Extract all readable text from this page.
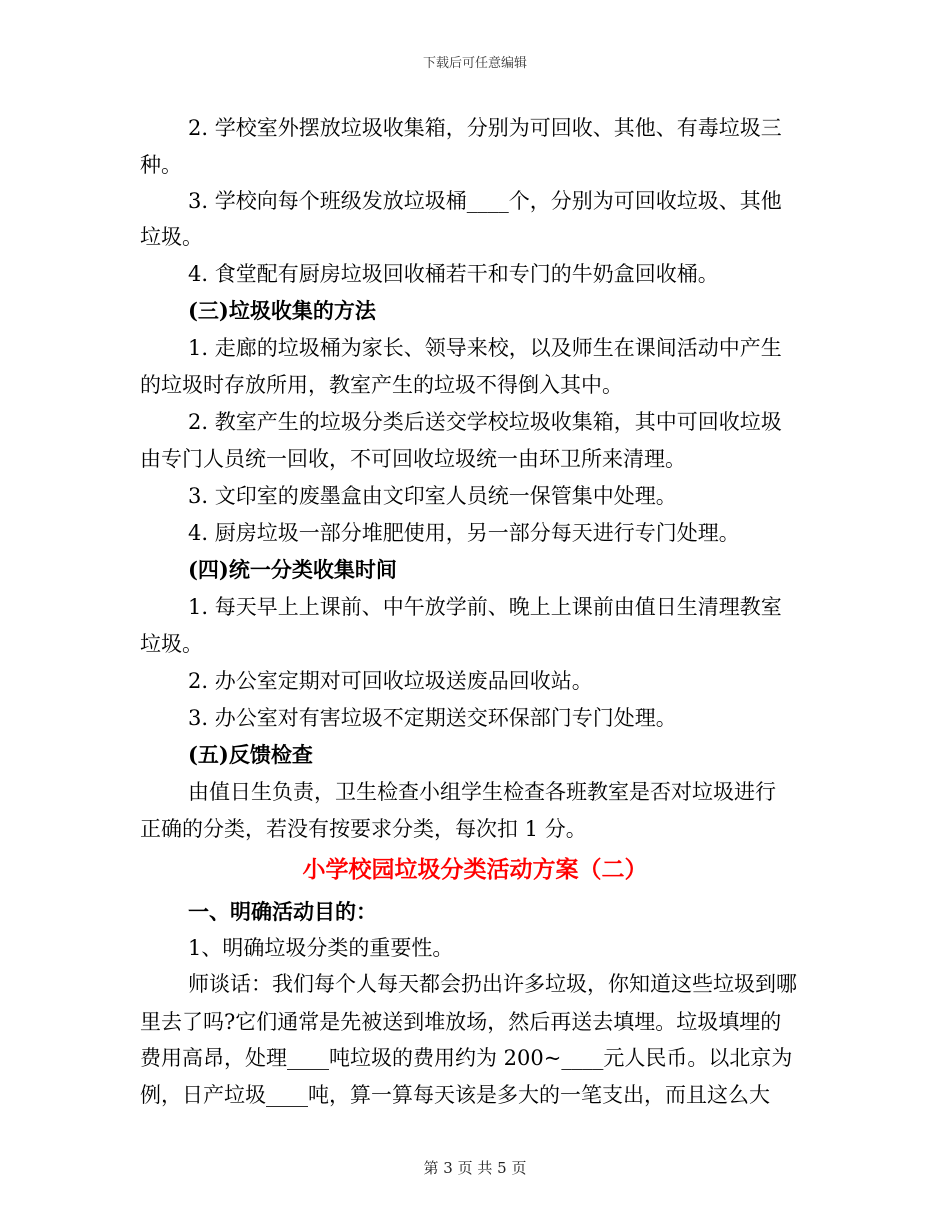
下载后可任意编辑
2. 学校室外摆放垃圾收集箱，分别为可回收、其他、有毒垃圾三
种。
3. 学校向每个班级发放垃圾桶____个，分别为可回收垃圾、其他
垃圾。
4. 食堂配有厨房垃圾回收桶若干和专门的牛奶盒回收桶。
(三)垃圾收集的方法
1. 走廊的垃圾桶为家长、领导来校，以及师生在课间活动中产生
的垃圾时存放所用，教室产生的垃圾不得倒入其中。
2. 教室产生的垃圾分类后送交学校垃圾收集箱，其中可回收垃圾
由专门人员统一回收，不可回收垃圾统一由环卫所来清理。
3. 文印室的废墨盒由文印室人员统一保管集中处理。
4. 厨房垃圾一部分堆肥使用，另一部分每天进行专门处理。
(四)统一分类收集时间
1. 每天早上上课前、中午放学前、晚上上课前由值日生清理教室
垃圾。
2. 办公室定期对可回收垃圾送废品回收站。
3. 办公室对有害垃圾不定期送交环保部门专门处理。
(五)反馈检查
由值日生负责，卫生检查小组学生检查各班教室是否对垃圾进行
正确的分类，若没有按要求分类，每次扣 1 分。
小学校园垃圾分类活动方案（二）
一、明确活动目的：
1、明确垃圾分类的重要性。
师谈话：我们每个人每天都会扔出许多垃圾，你知道这些垃圾到哪
里去了吗?它们通常是先被送到堆放场，然后再送去填埋。垃圾填埋的
费用高昂，处理____吨垃圾的费用约为 200~____元人民币。以北京为
例，日产垃圾____吨，算一算每天该是多大的一笔支出，而且这么大
第 3 页 共 5 页
